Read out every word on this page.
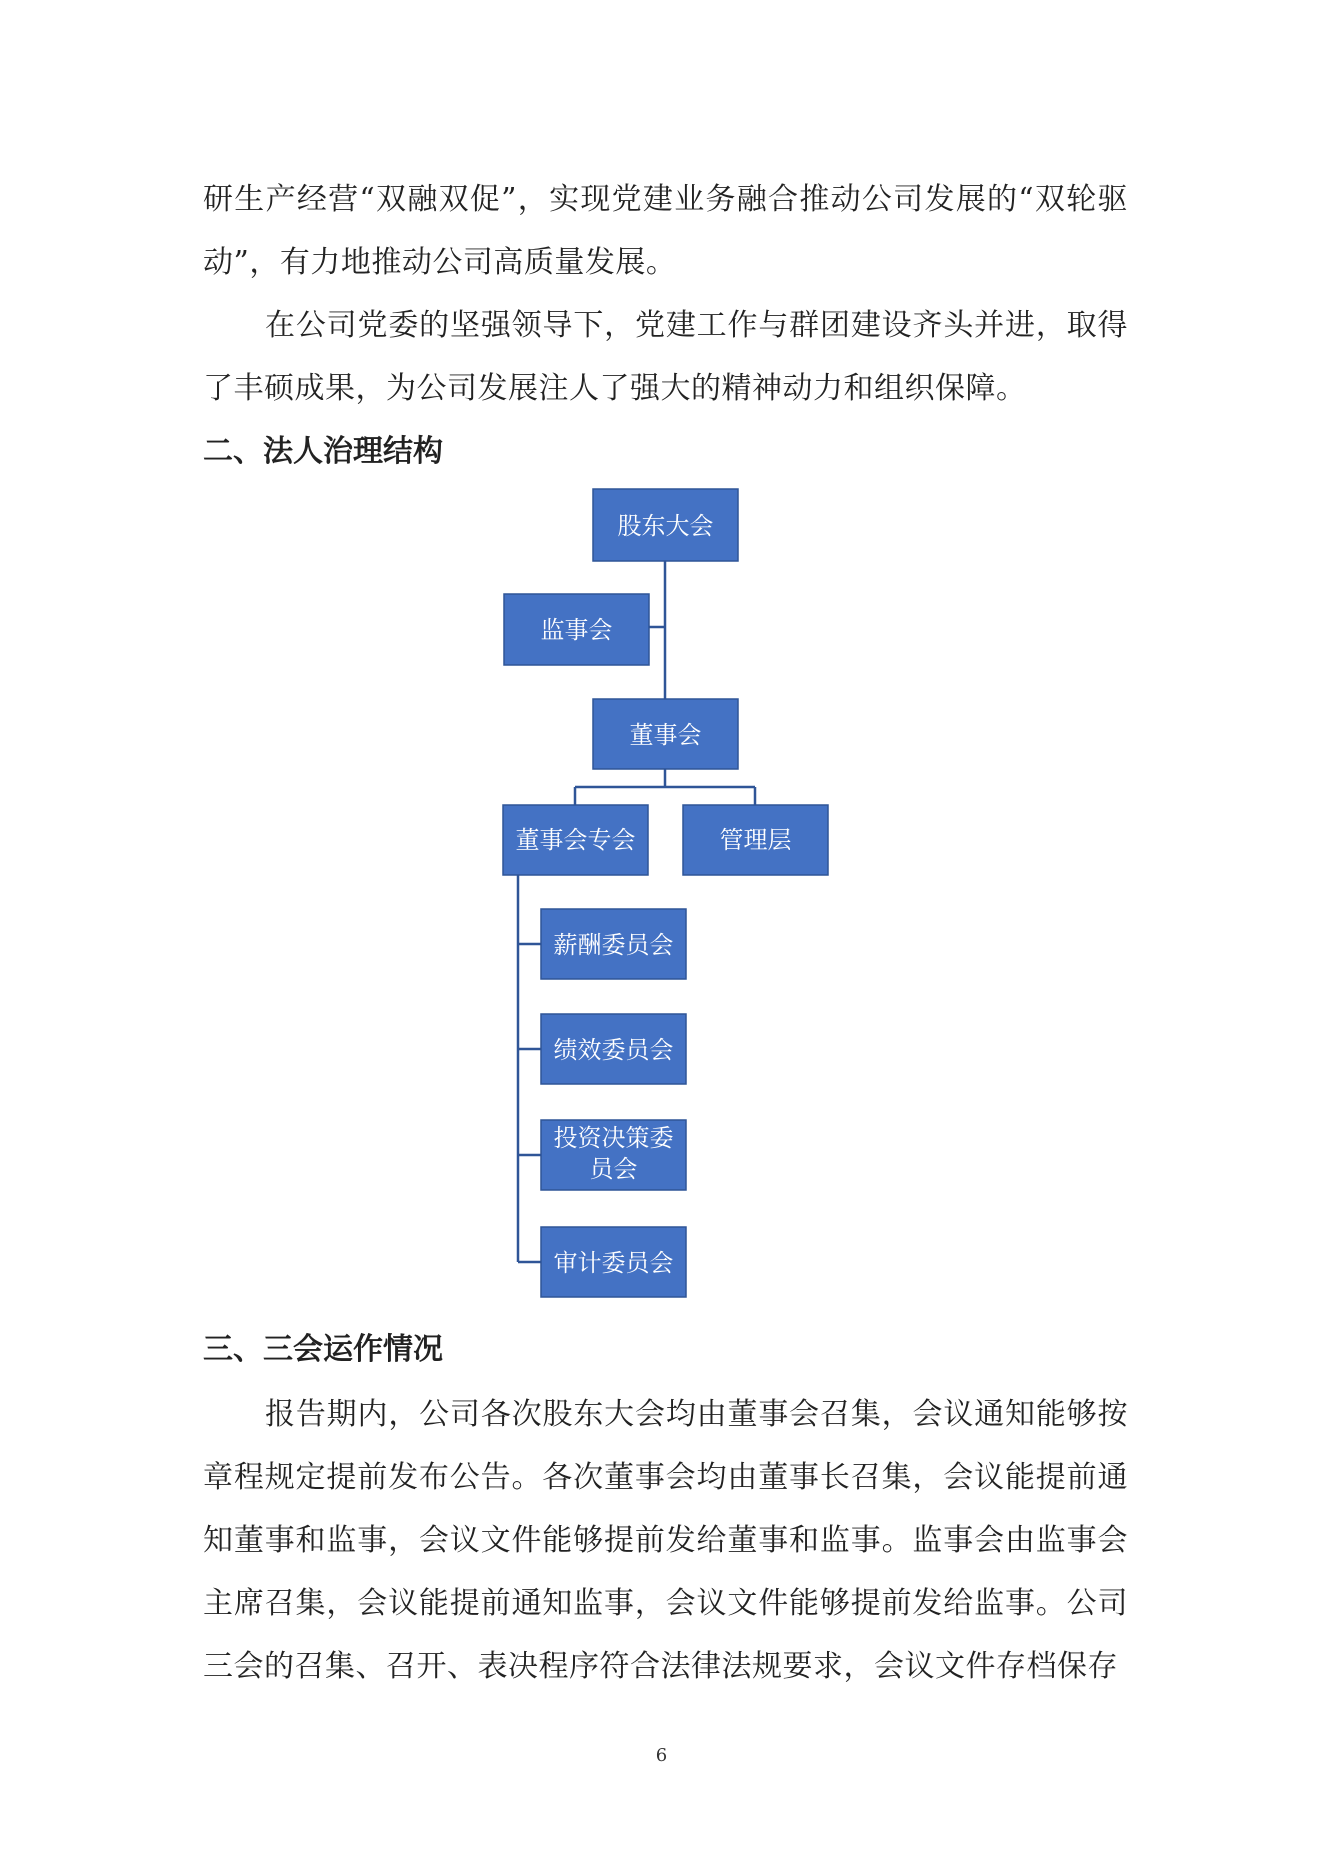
研生产经营“双融双促”，实现党建业务融合推动公司发展的“双轮驱动”，有力地推动公司高质量发展。

在公司党委的坚强领导下，党建工作与群团建设齐头并进，取得了丰硕成果，为公司发展注人了强大的精神动力和组织保障。

二、法人治理结构
股东大会
监事会
董事会
董事会专会	管理层
薪酬委员会
绩效委员会
投资决策委
员会
审计委员会
三、三会运作情况

报告期内，公司各次股东大会均由董事会召集，会议通知能够按章程规定提前发布公告。各次董事会均由董事长召集，会议能提前通知董事和监事，会议文件能够提前发给董事和监事。监事会由监事会主席召集，会议能提前通知监事，会议文件能够提前发给监事。公司三会的召集、召开、表决程序符合法律法规要求，会议文件存档保存

6
